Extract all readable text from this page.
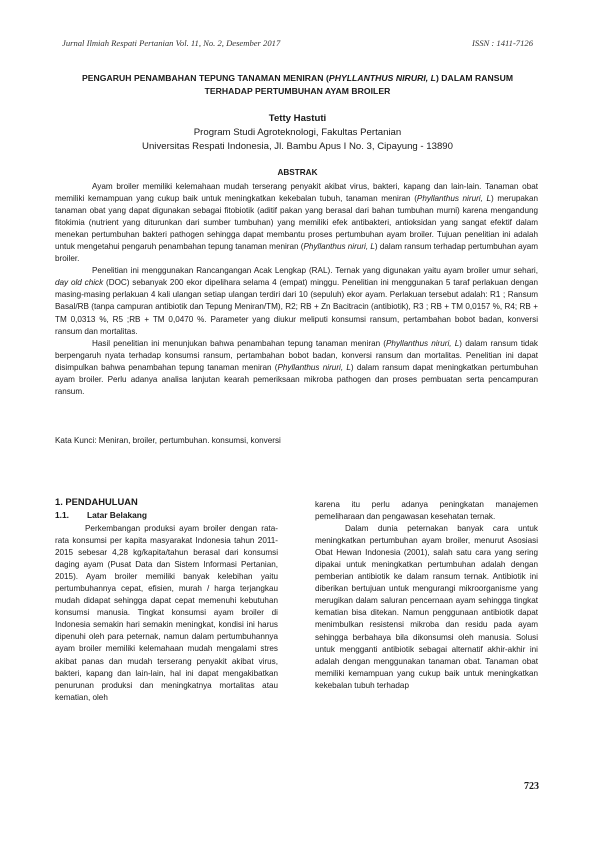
Jurnal Ilmiah Respati Pertanian Vol. 11, No. 2, Desember 2017	ISSN : 1411-7126
PENGARUH PENAMBAHAN TEPUNG TANAMAN MENIRAN (PHYLLANTHUS NIRURI, L) DALAM RANSUM
TERHADAP PERTUMBUHAN AYAM BROILER
Tetty Hastuti
Program Studi Agroteknologi, Fakultas Pertanian
Universitas Respati Indonesia, Jl. Bambu Apus I No. 3, Cipayung - 13890
ABSTRAK

Ayam broiler memiliki kelemahaan mudah terserang penyakit akibat virus, bakteri, kapang dan lain-lain. Tanaman obat memiliki kemampuan yang cukup baik untuk meningkatkan kekebalan tubuh, tanaman meniran (Phyllanthus niruri, L) merupakan tanaman obat yang dapat digunakan sebagai fitobiotik (aditif pakan yang berasal dari bahan tumbuhan murni) karena mengandung fitokimia (nutrient yang diturunkan dari sumber tumbuhan) yang memiliki efek antibakteri, antioksidan yang sangat efektif dalam menekan pertumbuhan bakteri pathogen sehingga dapat membantu proses pertumbuhan ayam broiler. Tujuan penelitian ini adalah untuk mengetahui pengaruh penambahan tepung tanaman meniran (Phyllanthus niruri, L) dalam ransum terhadap pertumbuhan ayam broiler.

Penelitian ini menggunakan Rancangangan Acak Lengkap (RAL). Ternak yang digunakan yaitu ayam broiler umur sehari, day old chick (DOC) sebanyak 200 ekor dipelihara selama 4 (empat) minggu. Penelitian ini menggunakan 5 taraf perlakuan dengan masing-masing perlakuan 4 kali ulangan setiap ulangan terdiri dari 10 (sepuluh) ekor ayam. Perlakuan tersebut adalah: R1 ; Ransum Basal/RB (tanpa campuran antibiotik dan Tepung Meniran/TM), R2; RB + Zn Bacitracin (antibiotik), R3 ; RB + TM 0,0157 %, R4; RB + TM 0,0313 %, R5 ;RB + TM 0,0470 %. Parameter yang diukur meliputi konsumsi ransum, pertambahan bobot badan, konversi ransum dan mortalitas.

Hasil penelitian ini menunjukan bahwa penambahan tepung tanaman meniran (Phyllanthus niruri, L) dalam ransum tidak berpengaruh nyata terhadap konsumsi ransum, pertambahan bobot badan, konversi ransum dan mortalitas. Penelitian ini dapat disimpulkan bahwa penambahan tepung tanaman meniran (Phyllanthus niruri, L) dalam ransum dapat meningkatkan pertumbuhan ayam broiler. Perlu adanya analisa lanjutan kearah pemeriksaan mikroba pathogen dan proses pembuatan serta pencampuran ransum.

Kata Kunci: Meniran, broiler, pertumbuhan. konsumsi, konversi
1. PENDAHULUAN
1.1. Latar Belakang

Perkembangan produksi ayam broiler dengan rata-rata konsumsi per kapita masyarakat Indonesia tahun 2011-2015 sebesar 4,28 kg/kapita/tahun berasal dari konsumsi daging ayam (Pusat Data dan Sistem Informasi Pertanian, 2015). Ayam broiler memiliki banyak kelebihan yaitu pertumbuhannya cepat, efisien, murah / harga terjangkau mudah didapat sehingga dapat cepat memenuhi kebutuhan konsumsi manusia. Tingkat konsumsi ayam broiler di Indonesia semakin hari semakin meningkat, kondisi ini harus dipenuhi oleh para peternak, namun dalam pertumbuhannya ayam broiler memiliki kelemahaan mudah mengalami stres akibat panas dan mudah terserang penyakit akibat virus, bakteri, kapang dan lain-lain, hal ini dapat mengakibatkan penurunan produksi dan meningkatnya mortalitas atau kematian, oleh

karena itu perlu adanya peningkatan manajemen pemeliharaan dan pengawasan kesehatan ternak.

Dalam dunia peternakan banyak cara untuk meningkatkan pertumbuhan ayam broiler, menurut Asosiasi Obat Hewan Indonesia (2001), salah satu cara yang sering dipakai untuk meningkatkan pertumbuhan adalah dengan pemberian antibiotik ke dalam ransum ternak. Antibiotik ini diberikan bertujuan untuk mengurangi mikroorganisme yang merugikan dalam saluran pencernaan ayam sehingga tingkat kematian bisa ditekan. Namun penggunaan antibiotik dapat menimbulkan resistensi mikroba dan residu pada ayam sehingga berbahaya bila dikonsumsi oleh manusia. Solusi untuk mengganti antibiotik sebagai alternatif akhir-akhir ini adalah dengan menggunakan tanaman obat. Tanaman obat memiliki kemampuan yang cukup baik untuk meningkatkan kekebalan tubuh terhadap

723
